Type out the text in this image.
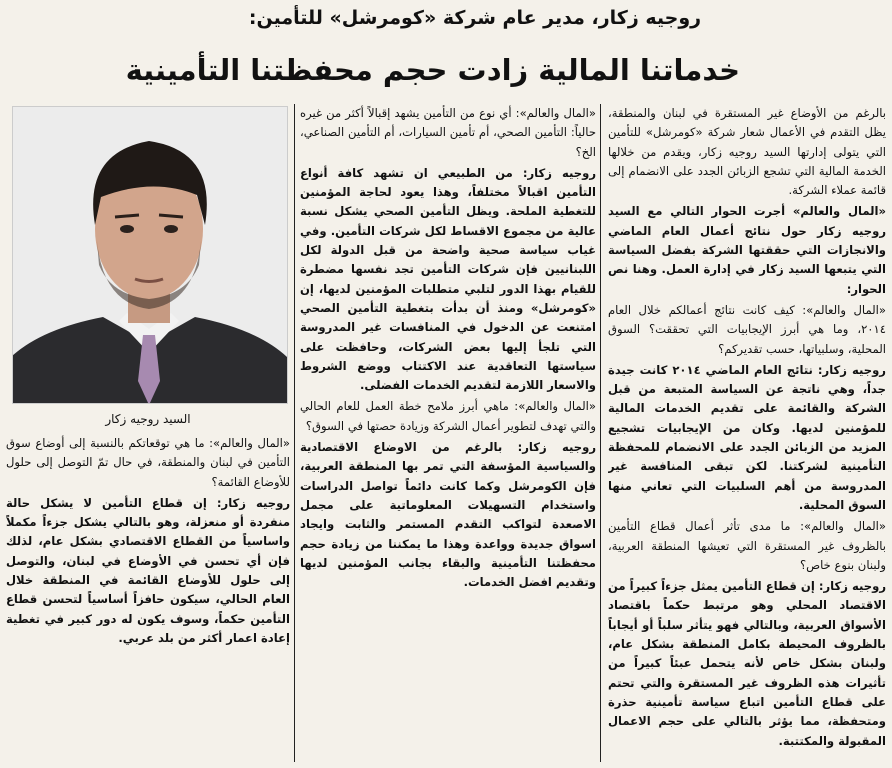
روجيه زكار، مدير عام شركة «كومرشل» للتأمين:
خدماتنا المالية زادت حجم محفظتنا التأمينية

بالرغم من الأوضاع غير المستقرة في لبنان والمنطقة، يظل التقدم في الأعمال شعار شركة «كومرشل» للتأمين التي يتولى إدارتها السيد روجيه زكار، ويقدم من خلالها الخدمة المالية التي تشجع الزبائن الجدد على الانضمام إلى قائمة عملاء الشركة.

«المال والعالم» أجرت الحوار التالي مع السيد روجيه زكار حول نتائج أعمال العام الماضي والانجازات التي حققتها الشركة بفضل السياسة التي يتبعها السيد زكار في إدارة العمل. وهنا نص الحوار:

«المال والعالم»: كيف كانت نتائج أعمالكم خلال العام ٢٠١٤، وما هي أبرز الإيجابيات التي تحققت؟ السوق المحلية، وسلبياتها، حسب تقديركم؟

روجيه زكار: نتائج العام الماضي ٢٠١٤ كانت جيدة جداً، وهي ناتجة عن السياسة المتبعة من قبل الشركة والقائمة على تقديم الخدمات المالية للمؤمنين لديها. وكان من الإيجابيات تشجيع المزيد من الزبائن الجدد على الانضمام للمحفظة التأمينية لشركتنا. لكن تبقى المنافسة غير المدروسة من أهم السلبيات التي تعاني منها السوق المحلية.

«المال والعالم»: ما مدى تأثر أعمال قطاع التأمين بالظروف غير المستقرة التي تعيشها المنطقة العربية، ولبنان بنوع خاص؟

روجيه زكار: إن قطاع التأمين يمثل جزءاً كبيراً من الاقتصاد المحلي وهو مرتبط حكماً باقتصاد الأسواق العربية، وبالتالي فهو يتأثر سلباً أو أيجاباً بالظروف المحيطة بكامل المنطقة بشكل عام، ولبنان بشكل خاص لأنه يتحمل عبئاً كبيراً من تأثيرات هذه الظروف غير المستقرة والتي تحتم على قطاع التأمين اتباع سياسة تأمينية حذرة ومتحفظة، مما يؤثر بالتالي على حجم الاعمال المقبولة والمكتتبة.

«المال والعالم»: أي نوع من التأمين يشهد إقبالاً أكثر من غيره حالياً: التأمين الصحي، أم تأمين السيارات، أم التأمين الصناعي، الخ؟

روجيه زكار: من الطبيعي ان تشهد كافة أنواع التأمين اقبالاً مختلفاً، وهذا يعود لحاجة المؤمنين للتغطية الملحة. ويظل التأمين الصحي يشكل نسبة عالية من مجموع الاقساط لكل شركات التأمين. وفي غياب سياسة صحية واضحة من قبل الدولة لكل اللبنانيين فإن شركات التأمين تجد نفسها مضطرة للقيام بهذا الدور لتلبي متطلبات المؤمنين لديها، إن «كومرشل» ومنذ أن بدأت بتغطية التأمين الصحي امتنعت عن الدخول في المنافسات غير المدروسة التي تلجأ إليها بعض الشركات، وحافظت على سياستها التعاقدية عند الاكتتاب ووضع الشروط والاسعار اللازمة لتقديم الخدمات الفضلى.

«المال والعالم»: ماهي أبرز ملامح خطة العمل للعام الحالي والتي تهدف لتطوير أعمال الشركة وزيادة حصتها في السوق؟

روجيه زكار: بالرغم من الاوضاع الاقتصادية والسياسية المؤسفة التي تمر بها المنطقة العربية، فإن الكومرشل وكما كانت دائماً تواصل الدراسات واستخدام التسهيلات المعلوماتية على مجمل الاصعدة لتواكب التقدم المستمر والثابت وايجاد اسواق جديدة وواعدة وهذا ما يمكننا من زيادة حجم محفظتنا التأمينية والبقاء بجانب المؤمنين لديها وتقديم افضل الخدمات.

السيد روجيه زكار

«المال والعالم»: ما هي توقعاتكم بالنسبة إلى أوضاع سوق التأمين في لبنان والمنطقة، في حال تمّ التوصل إلى حلول للأوضاع القائمة؟

روجيه زكار: إن قطاع التأمين لا يشكل حالة منفردة أو منعزلة، وهو بالتالي يشكل جزءاً مكملاً واساسياً من القطاع الاقتصادي بشكل عام، لذلك فإن أي تحسن في الأوضاع في لبنان، والتوصل إلى حلول للأوضاع القائمة في المنطقة خلال العام الحالي، سيكون حافزاً أساسياً لتحسن قطاع التأمين حكماً، وسوف يكون له دور كبير في تغطية إعادة اعمار أكثر من بلد عربي.
